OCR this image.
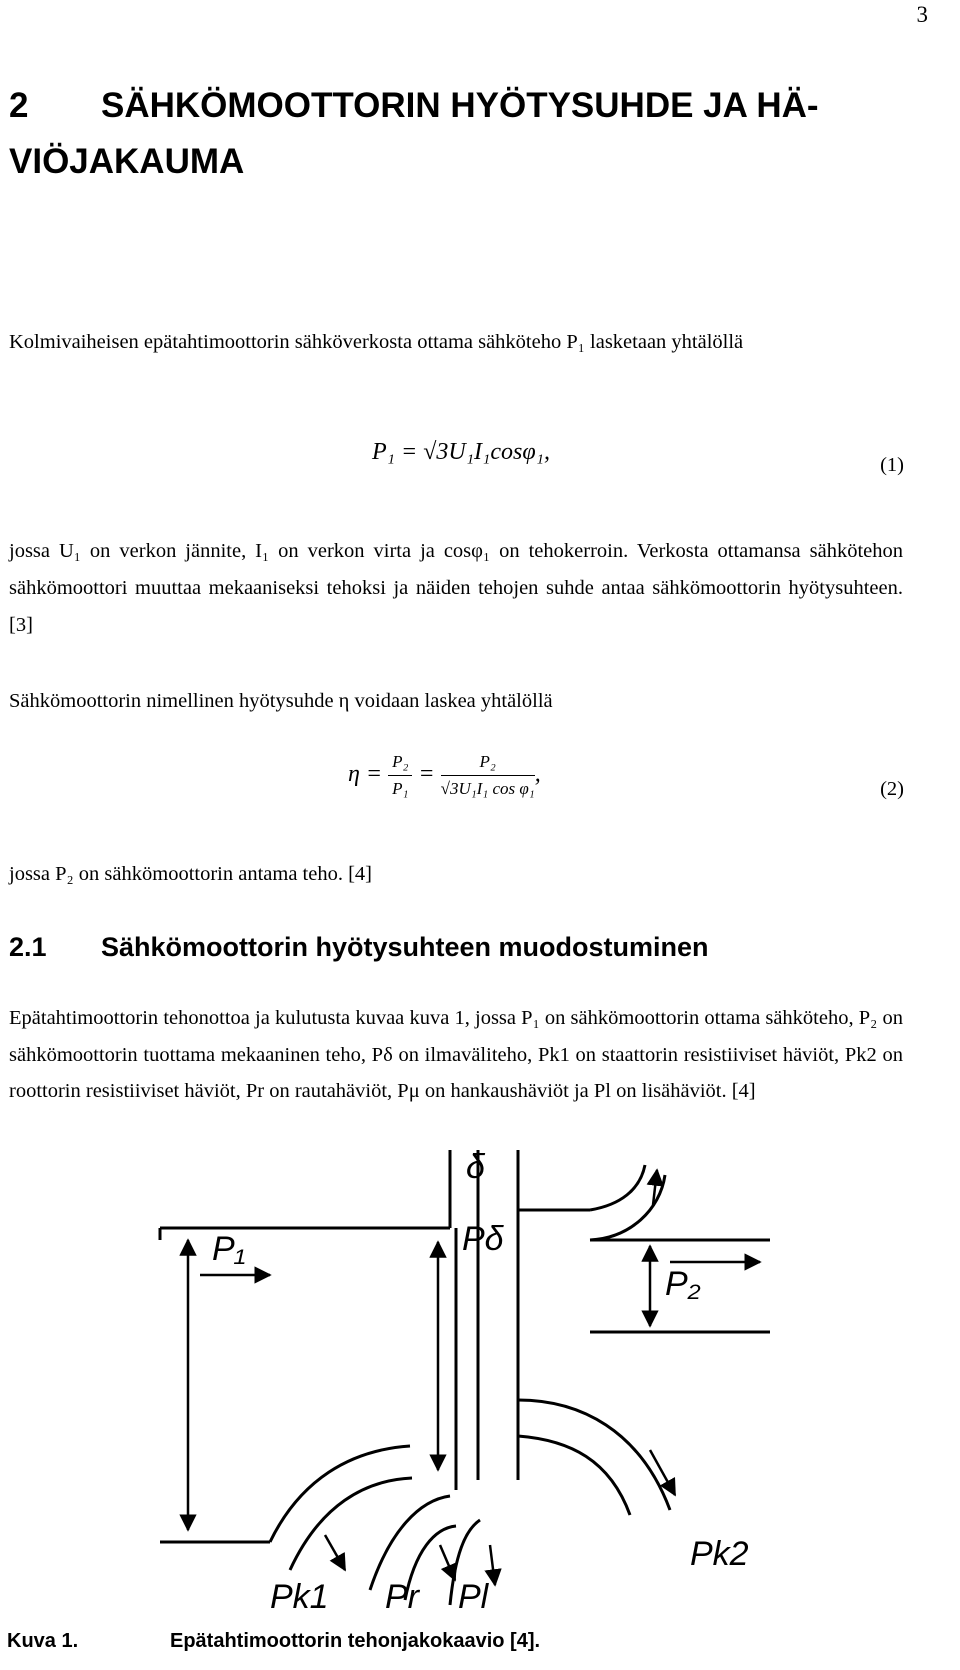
3
2 SÄHKÖMOOTTORIN HYÖTYSUHDE JA HÄ- VIÖJAKAUMA

Kolmivaiheisen epätahtimoottorin sähköverkosta ottama sähköteho P₁ lasketaan yhtälöllä

P₁ = √3U₁I₁cosφ₁,	(1)

jossa U₁ on verkon jännite, I₁ on verkon virta ja cosφ₁ on tehokerroin. Verkosta ottamansa sähkötehon sähkömoottori muuttaa mekaaniseksi tehoksi ja näiden tehojen suhde antaa sähkömoottorin hyötysuhteen. [3]

Sähkömoottorin nimellinen hyötysuhde η voidaan laskea yhtälöllä

$\eta = \frac{\text{P₂}}{\text{P₁}} = \frac{\text{P₂}}{\text{√3U₁I₁ cos φ₁}}$ ,
(2)

jossa P₂ on sähkömoottorin antama teho. [4]

2.1 Sähkömoottorin hyötysuhteen muodostuminen

Epätahtimoottorin tehonottoa ja kulutusta kuvaa kuva 1, jossa P₁ on sähkömoottorin ottama sähköteho, P₂ on sähkömoottorin tuottama mekaaninen teho, Pδ on ilmaväliteho, Pk1 on staattorin resistiiviset häviöt, Pk2 on roottorin resistiiviset häviöt, Pr on rautahäviöt, Pμ on hankaushäviöt ja Pl on lisähäviöt. [4]

P₁	Pδ
δ
P₂
Pk1 Pr Pl
Pk2
Kuva 1.	Epätahtimoottorin tehonjakokaavio [4].
